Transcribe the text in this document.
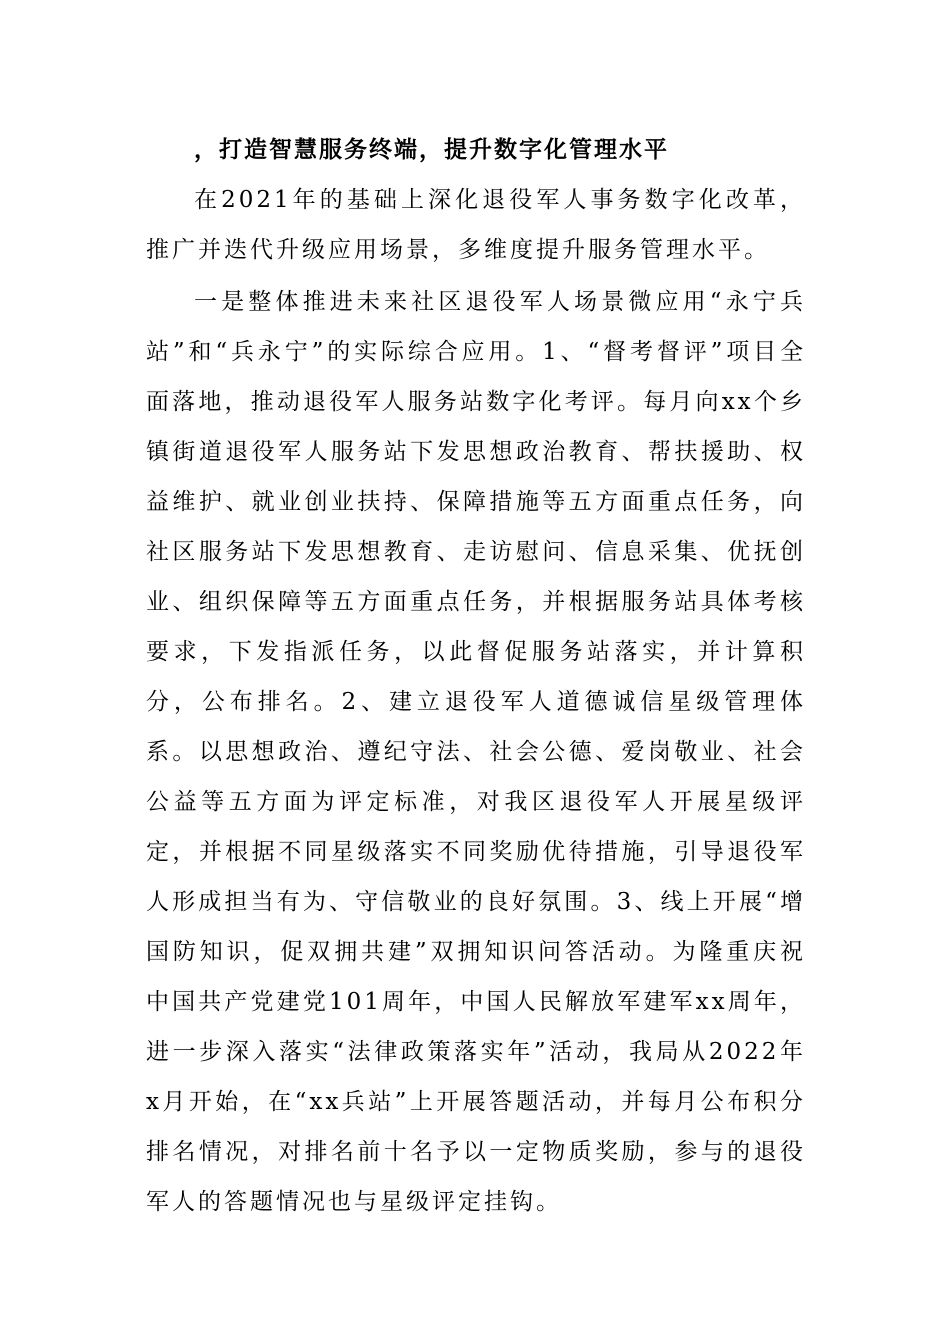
，打造智慧服务终端，提升数字化管理水平

在2021年的基础上深化退役军人事务数字化改革，推广并迭代升级应用场景，多维度提升服务管理水平。

一是整体推进未来社区退役军人场景微应用“永宁兵站”和“兵永宁”的实际综合应用。1、“督考督评”项目全面落地，推动退役军人服务站数字化考评。每月向xx个乡镇街道退役军人服务站下发思想政治教育、帮扶援助、权益维护、就业创业扶持、保障措施等五方面重点任务，向社区服务站下发思想教育、走访慰问、信息采集、优抚创业、组织保障等五方面重点任务，并根据服务站具体考核要求，下发指派任务，以此督促服务站落实，并计算积分，公布排名。2、建立退役军人道德诚信星级管理体系。以思想政治、遵纪守法、社会公德、爱岗敬业、社会公益等五方面为评定标准，对我区退役军人开展星级评定，并根据不同星级落实不同奖励优待措施，引导退役军人形成担当有为、守信敬业的良好氛围。3、线上开展“增国防知识，促双拥共建”双拥知识问答活动。为隆重庆祝中国共产党建党101周年，中国人民解放军建军xx周年，进一步深入落实“法律政策落实年”活动，我局从2022年x月开始，在“xx兵站”上开展答题活动，并每月公布积分排名情况，对排名前十名予以一定物质奖励，参与的退役军人的答题情况也与星级评定挂钩。
